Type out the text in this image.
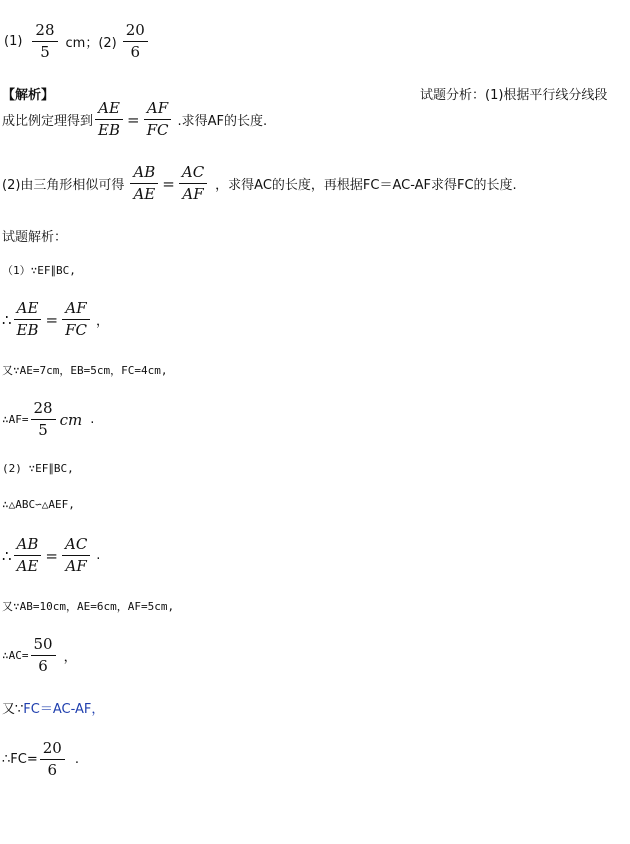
$(1) \frac{28}{5}$ cm；$(2) \frac{20}{6}$
【解析】	试题分析：(1)根据平行线分线段
成比例定理得到 $\frac{AE}{EB} = \frac{AF}{FC}$ .求得AF的长度.
(2)由三角形相似可得 $\frac{AB}{AE} = \frac{AC}{AF}$ ，求得AC的长度，再根据FC＝AC-AF求得FC的长度.
试题解析：
（1）∵EF∥BC,
∴ $\frac{AE}{EB} = \frac{AF}{FC}$ ，
又∵AE=7cm，EB=5cm，FC=4cm,
∴AF= $\frac{28}{5}$ cm .
(2) ∵EF∥BC,
∴△ABC∽△AEF,
∴ $\frac{AB}{AE} = \frac{AC}{AF}$ .
又∵AB=10cm，AE=6cm，AF=5cm,
∴AC= $\frac{50}{6}$ ，
又∵ FC＝AC-AF，
∴FC= $\frac{20}{6}$ .
